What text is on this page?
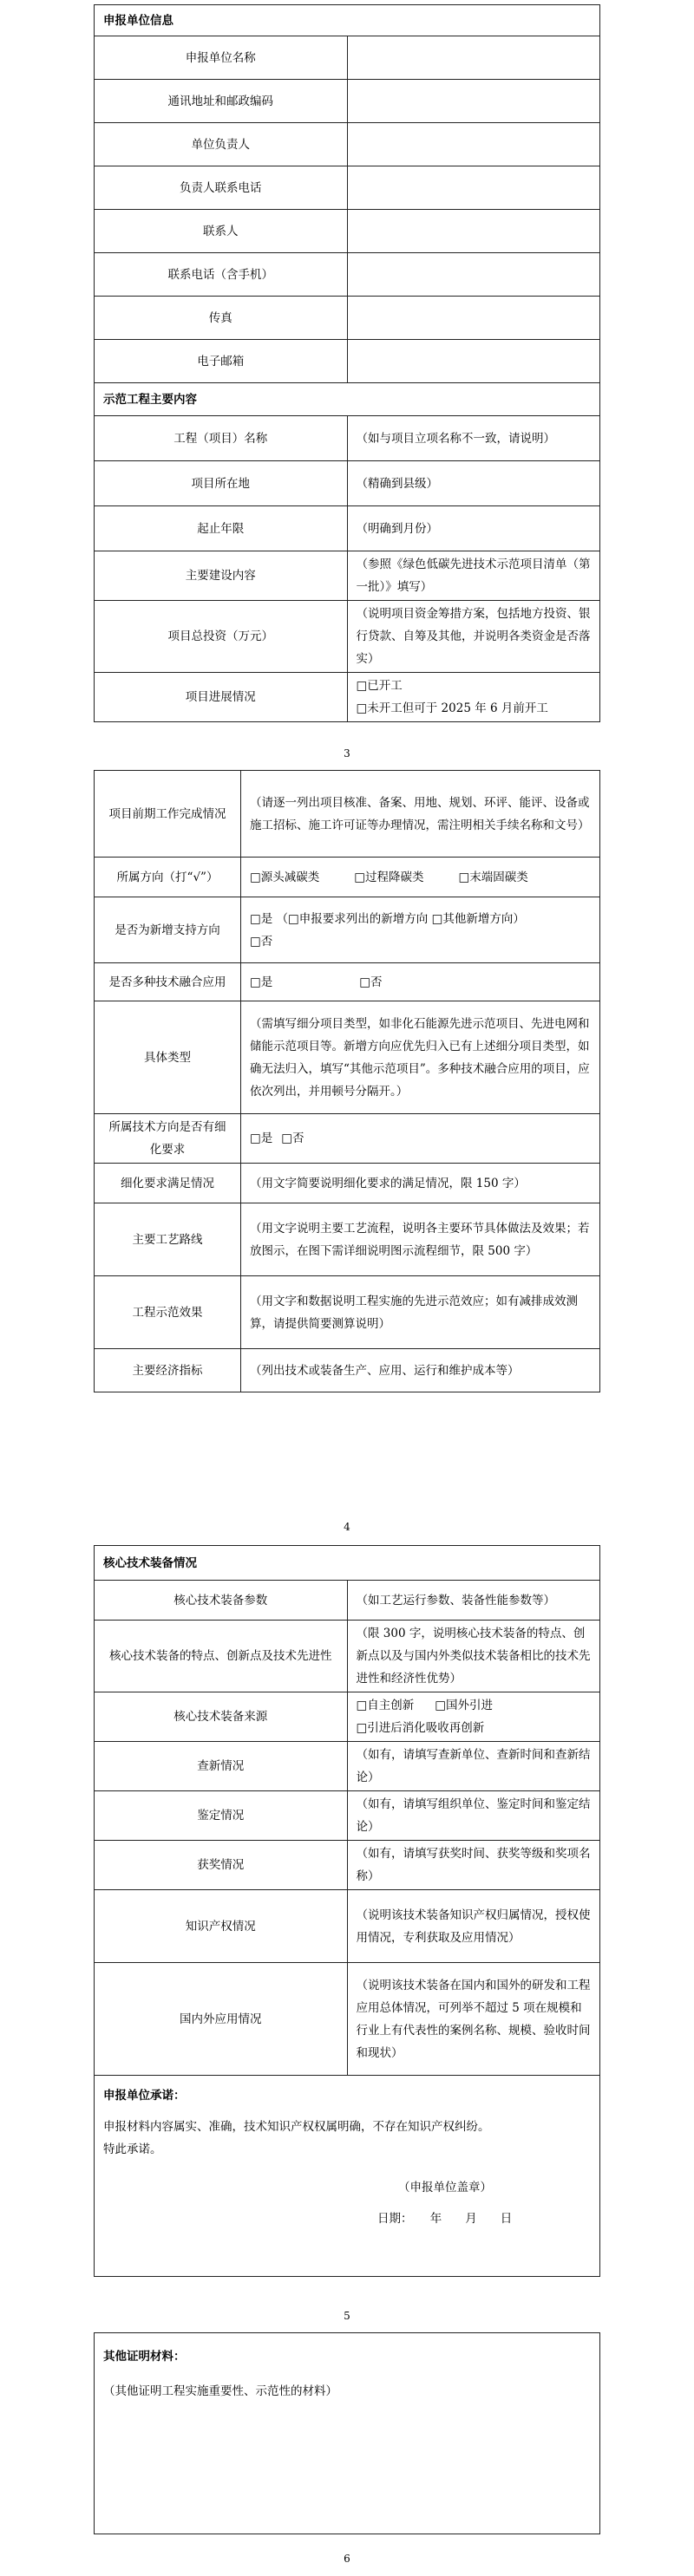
申报单位信息	
申报单位名称	
通讯地址和邮政编码	
单位负责人	
负责人联系电话	
联系人	
联系电话（含手机）	
传真	
电子邮箱	
示范工程主要内容	
工程（项目）名称	（如与项目立项名称不一致，请说明）
项目所在地	（精确到县级）
起止年限	（明确到月份）
主要建设内容	（参照《绿色低碳先进技术示范项目清单（第一批）》填写）
项目总投资（万元）	（说明项目资金筹措方案，包括地方投资、银行贷款、自筹及其他，并说明各类资金是否落实）
项目进展情况	□已开工□未开工但可于 2025 年 6 月前开工
3
项目前期工作完成情况	（请逐一列出项目核准、备案、用地、规划、环评、能评、设备或施工招标、施工许可证等办理情况，需注明相关手续名称和文号）
所属方向（打“√”）	□源头减碳类 □过程降碳类 □末端固碳类
是否为新增支持方向	□是 （□申报要求列出的新增方向 □其他新增方向）
□否

是否多种技术融合应用	□是 □否
具体类型	（需填写细分项目类型，如非化石能源先进示范项目、先进电网和储能示范项目等。新增方向应优先归入已有上述细分项目类型，如确无法归入，填写“其他示范项目”。多种技术融合应用的项目，应依次列出，并用顿号分隔开。）
所属技术方向是否有细化要求	□是 □否
细化要求满足情况	（用文字简要说明细化要求的满足情况，限 150 字）
主要工艺路线	（用文字说明主要工艺流程，说明各主要环节具体做法及效果；若放图示，在图下需详细说明图示流程细节，限 500 字）
工程示范效果	（用文字和数据说明工程实施的先进示范效应；如有减排成效测算，请提供简要测算说明）
主要经济指标	（列出技术或装备生产、应用、运行和维护成本等）
4
核心技术装备情况	
核心技术装备参数	（如工艺运行参数、装备性能参数等）
核心技术装备的特点、创新点及技术先进性	（限 300 字，说明核心技术装备的特点、创新点以及与国内外类似技术装备相比的技术先进性和经济性优势）
核心技术装备来源	□自主创新 □国外引进□引进后消化吸收再创新
查新情况	（如有，请填写查新单位、查新时间和查新结论）
鉴定情况	（如有，请填写组织单位、鉴定时间和鉴定结论）
获奖情况	（如有，请填写获奖时间、获奖等级和奖项名称）
知识产权情况	（说明该技术装备知识产权归属情况，授权使用情况，专利获取及应用情况）
国内外应用情况	（说明该技术装备在国内和国外的研发和工程应用总体情况，可列举不超过 5 项在规模和行业上有代表性的案例名称、规模、验收时间和现状）

申报单位承诺：
申报材料内容属实、准确，技术知识产权权属明确，不存在知识产权纠纷。
特此承诺。
（申报单位盖章）
日期：　　年　　月　　日	
5
其他证明材料：
（其他证明工程实施重要性、示范性的材料）
6
